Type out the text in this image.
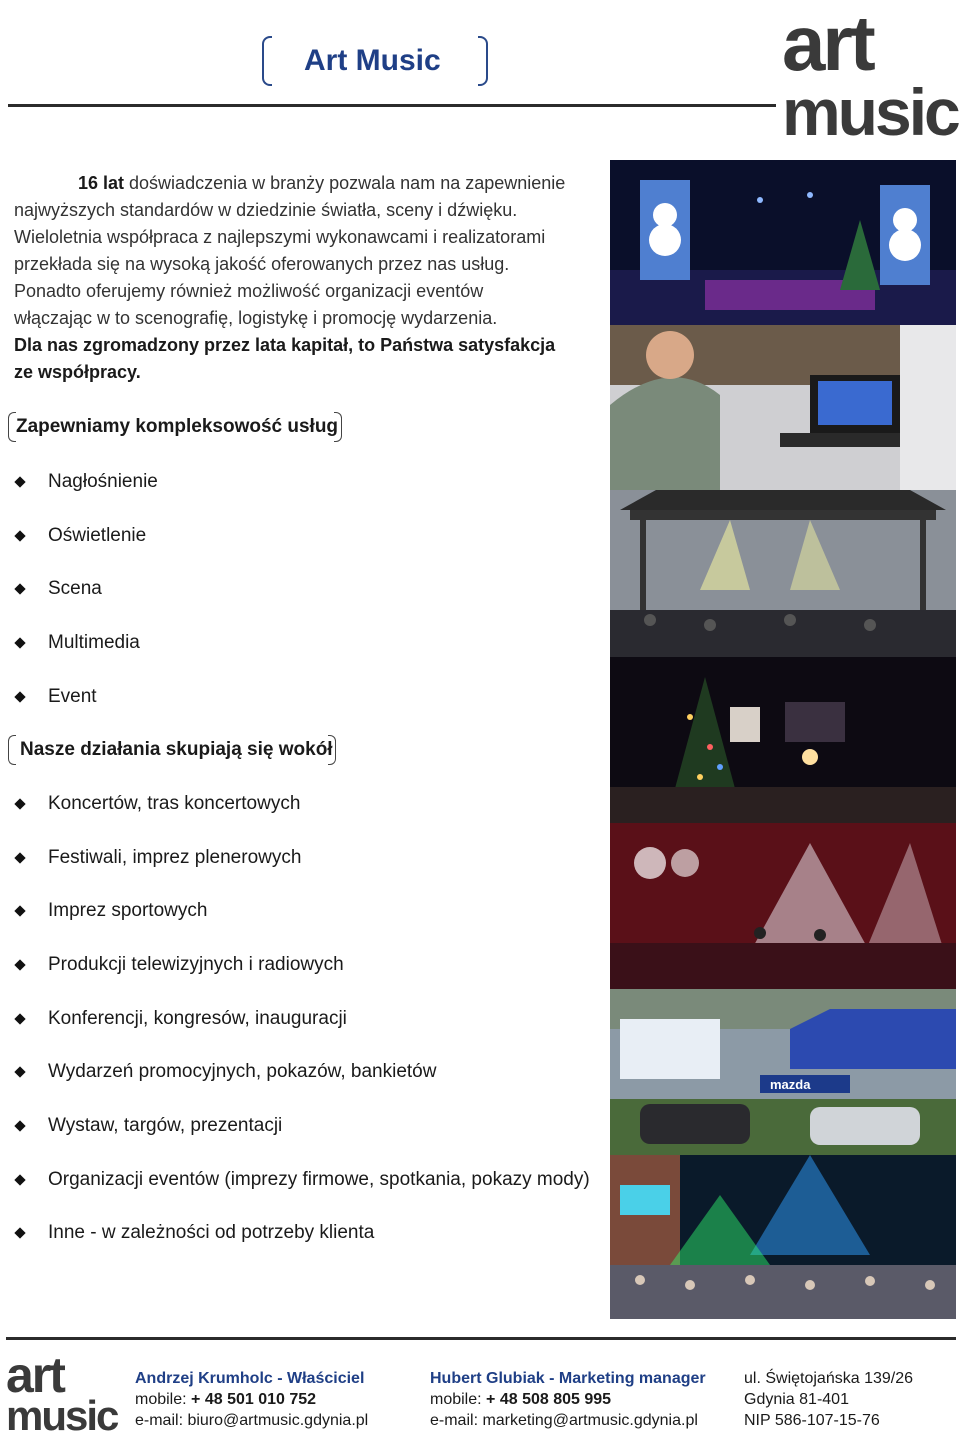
Art Music	art
music
16 lat doświadczenia w branży pozwala nam na zapewnienie
najwyższych standardów w dziedzinie światła, sceny i dźwięku.
Wieloletnia współpraca z najlepszymi wykonawcami i realizatorami
przekłada się na wysoką jakość oferowanych przez nas usług.
Ponadto oferujemy również możliwość organizacji eventów
włączając w to scenografię, logistykę i promocję wydarzenia.
Dla nas zgromadzony przez lata kapitał, to Państwa satysfakcja
ze współpracy.
Zapewniamy kompleksowość usług
Nagłośnienie
Oświetlenie
Scena
Multimedia
Event
Nasze działania skupiają się wokół
Koncertów, tras koncertowych
Festiwali, imprez plenerowych
Imprez sportowych
Produkcji telewizyjnych i radiowych
Konferencji, kongresów, inauguracji
Wydarzeń promocyjnych, pokazów, bankietów
Wystaw, targów, prezentacji
Organizacji eventów (imprezy firmowe, spotkania, pokazy mody)
Inne - w zależności od potrzeby klienta
mazda
art
music
Andrzej Krumholc - Właściciel
mobile: + 48 501 010 752
e-mail: biuro@artmusic.gdynia.pl
Hubert Glubiak - Marketing manager
mobile: + 48 508 805 995
e-mail: marketing@artmusic.gdynia.pl
ul. Świętojańska 139/26
Gdynia 81-401
NIP 586-107-15-76
